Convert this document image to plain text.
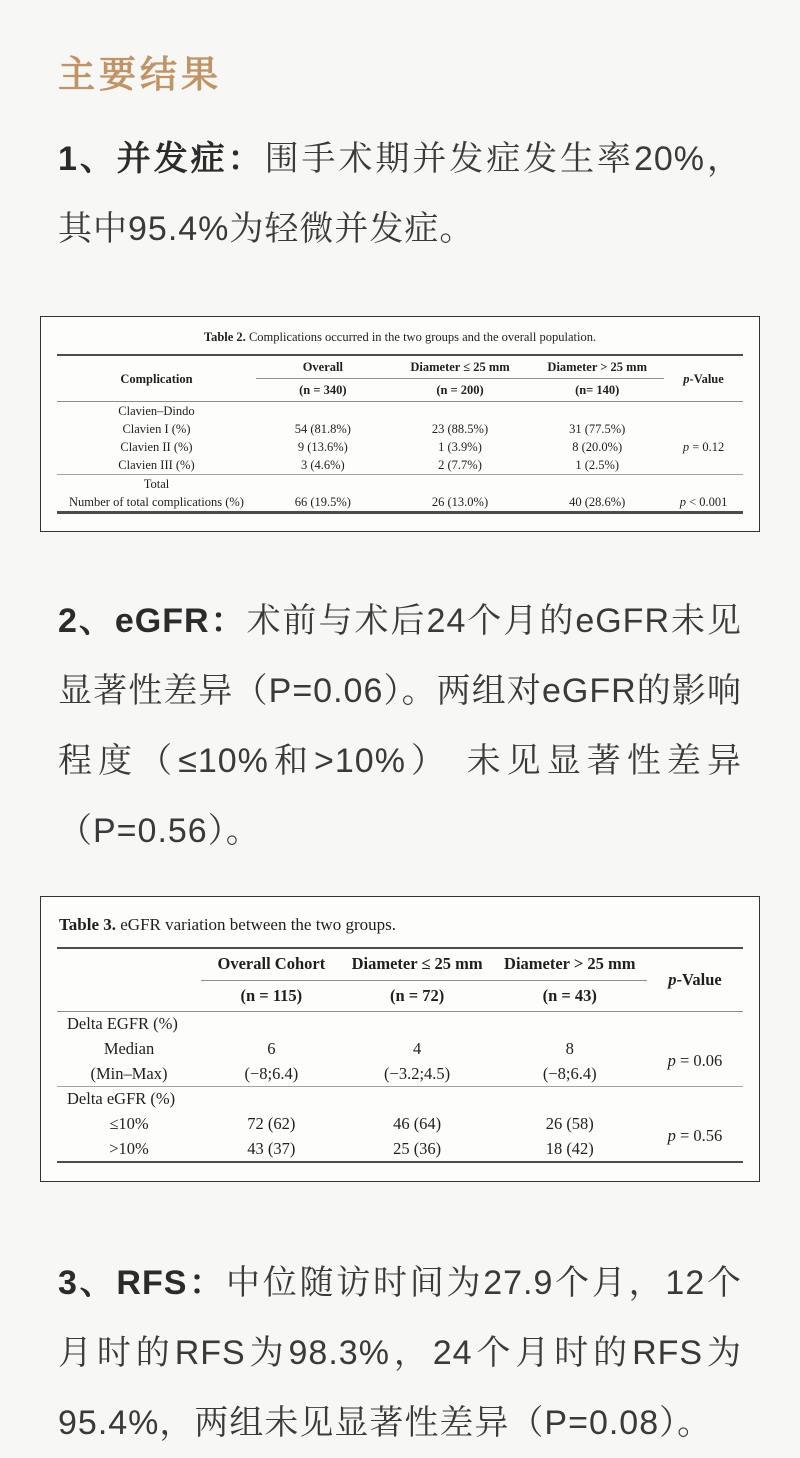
主要结果

1、并发症：围手术期并发症发生率20%，其中95.4%为轻微并发症。

Table 2. Complications occurred in the two groups and the overall population.
Complication	Overall	Diameter ≤ 25 mm	Diameter > 25 mm	p-Value
	(n = 340)	(n = 200)	(n= 140)	
Clavien–Dindo				
Clavien I (%)	54 (81.8%)	23 (88.5%)	31 (77.5%)	p = 0.12
Clavien II (%)	9 (13.6%)	1 (3.9%)	8 (20.0%)	
Clavien III (%)	3 (4.6%)	2 (7.7%)	1 (2.5%)	
Total				
Number of total complications (%)	66 (19.5%)	26 (13.0%)	40 (28.6%)	p < 0.001

2、eGFR：术前与术后24个月的eGFR未见显著性差异（P=0.06）。两组对eGFR的影响程度（≤10%和>10%） 未见显著性差异（P=0.56）。

Table 3. eGFR variation between the two groups.
	Overall Cohort	Diameter ≤ 25 mm	Diameter > 25 mm	p-Value
	(n = 115)	(n = 72)	(n = 43)	
Delta EGFR (%)				
Median	6	4	8	p = 0.06
(Min–Max)	(−8;6.4)	(−3.2;4.5)	(−8;6.4)	
Delta eGFR (%)				
≤10%	72 (62)	46 (64)	26 (58)	p = 0.56
>10%	43 (37)	25 (36)	18 (42)	

3、RFS：中位随访时间为27.9个月，12个月时的RFS为98.3%，24个月时的RFS为95.4%，两组未见显著性差异（P=0.08）。
